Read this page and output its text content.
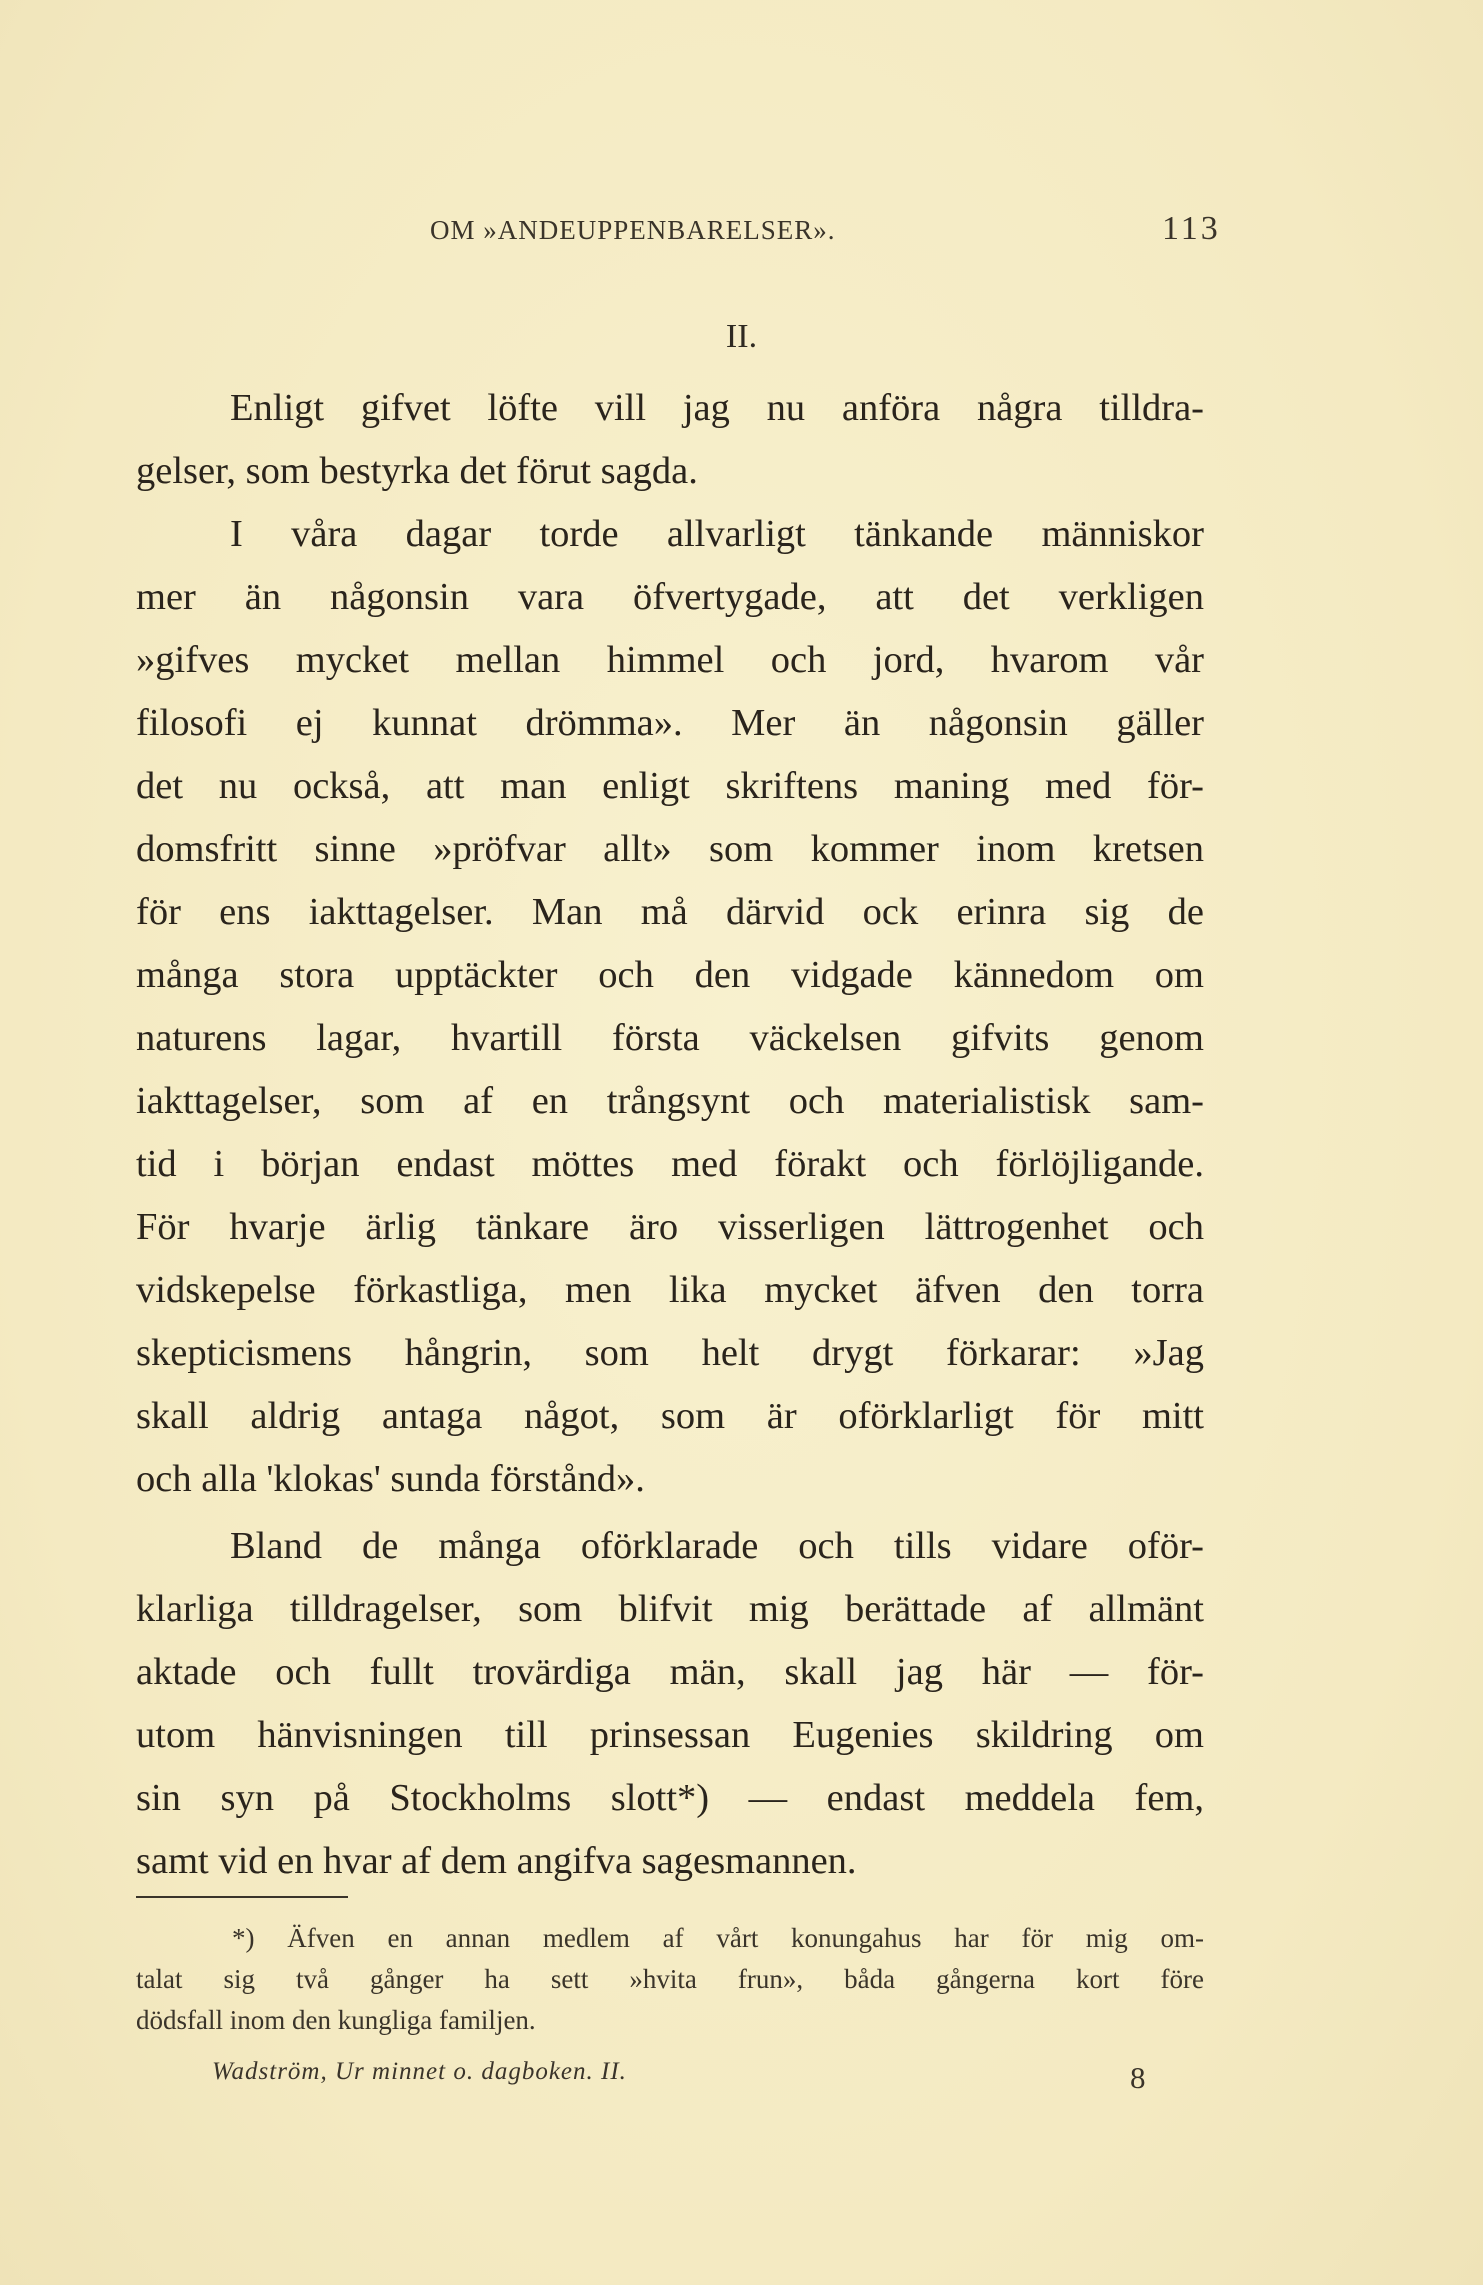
OM »ANDEUPPENBARELSER».	113
II.
Enligt gifvet löfte vill jag nu anföra några tilldra-
gelser, som bestyrka det förut sagda.
I våra dagar torde allvarligt tänkande människor
mer än någonsin vara öfvertygade, att det verkligen
»gifves mycket mellan himmel och jord, hvarom vår
filosofi ej kunnat drömma». Mer än någonsin gäller
det nu också, att man enligt skriftens maning med för-
domsfritt sinne »pröfvar allt» som kommer inom kretsen
för ens iakttagelser. Man må därvid ock erinra sig de
många stora upptäckter och den vidgade kännedom om
naturens lagar, hvartill första väckelsen gifvits genom
iakttagelser, som af en trångsynt och materialistisk sam-
tid i början endast möttes med förakt och förlöjligande.
För hvarje ärlig tänkare äro visserligen lättrogenhet och
vidskepelse förkastliga, men lika mycket äfven den torra
skepticismens hångrin, som helt drygt förkarar: »Jag
skall aldrig antaga något, som är oförklarligt för mitt
och alla 'klokas' sunda förstånd».
Bland de många oförklarade och tills vidare oför-
klarliga tilldragelser, som blifvit mig berättade af allmänt
aktade och fullt trovärdiga män, skall jag här — för-
utom hänvisningen till prinsessan Eugenies skildring om
sin syn på Stockholms slott*) — endast meddela fem,
samt vid en hvar af dem angifva sagesmannen.
*) Äfven en annan medlem af vårt konungahus har för mig om-
talat sig två gånger ha sett »hvita frun», båda gångerna kort före
dödsfall inom den kungliga familjen.
Wadström, Ur minnet o. dagboken. II.	8
